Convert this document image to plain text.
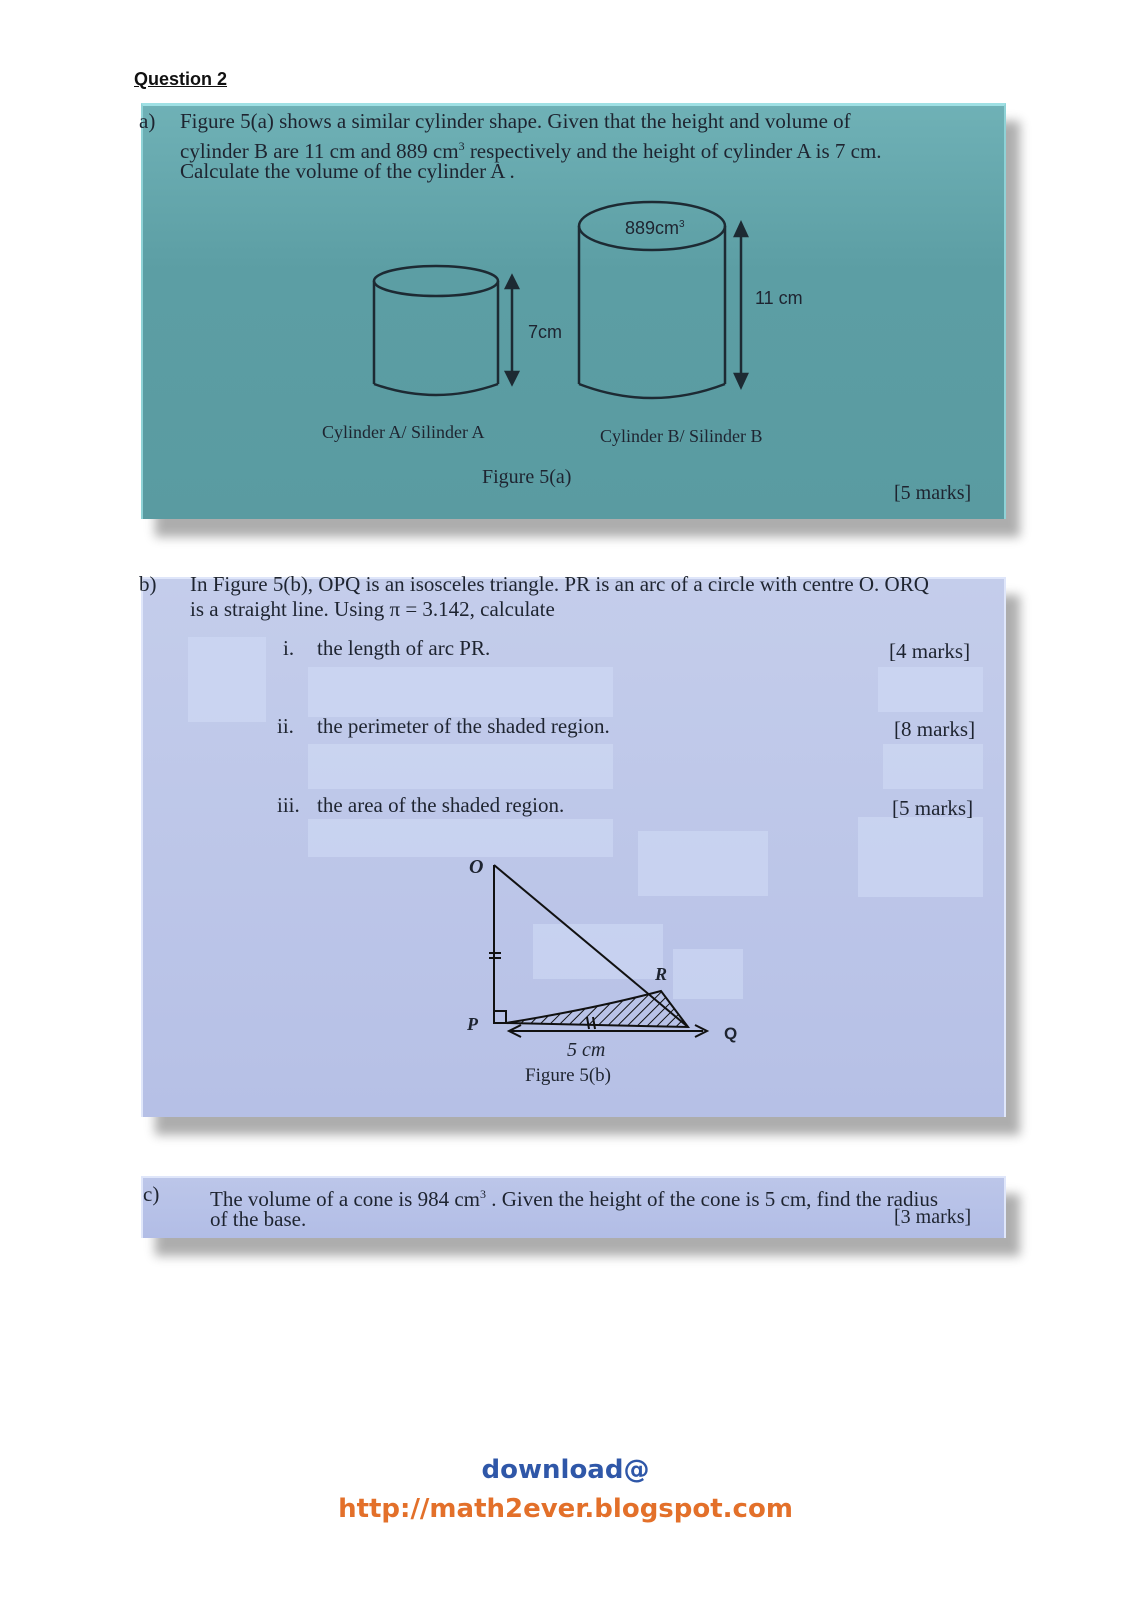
Question 2
a) Figure 5(a) shows a similar cylinder shape. Given that the height and volume of
cylinder B are 11 cm and 889 $cm^3$ respectively and the height of cylinder A is 7 cm.
Calculate the volume of the cylinder A .
$889cm^3$
7cm
11 cm
Cylinder A/ Silinder A	Cylinder B/ Silinder B
Figure 5(a)
[5 marks]
b) In Figure 5(b), OPQ is an isosceles triangle. PR is an arc of a circle with centre O. ORQ
is a straight line. Using π = 3.142, calculate
i. the length of arc PR.	[4 marks]
ii. the perimeter of the shaded region.	[8 marks]
iii. the area of the shaded region.	[5 marks]
O
P
R
Q
5 cm
Figure 5(b)
c) The volume of a cone is 984 $cm^3$ . Given the height of the cone is 5 cm, find the radius
of the base.	[3 marks]
download@
http://math2ever.blogspot.com
